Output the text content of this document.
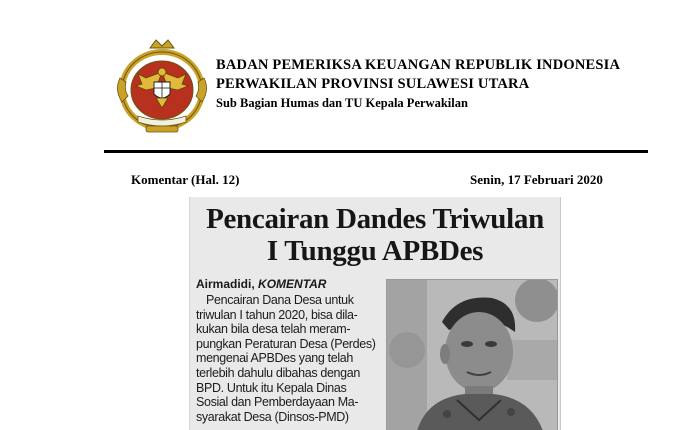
BADAN PEMERIKSA KEUANGAN REPUBLIK INDONESIA
PERWAKILAN PROVINSI SULAWESI UTARA
Sub Bagian Humas dan TU Kepala Perwakilan
Komentar (Hal. 12)	Senin, 17 Februari 2020
Pencairan Dandes Triwulan
I Tunggu APBDes
Airmadidi, KOMENTAR
Pencairan Dana Desa untuk
triwulan I tahun 2020, bisa dila-
kukan bila desa telah meram-
pungkan Peraturan Desa (Perdes)
mengenai APBDes yang telah
terlebih dahulu dibahas dengan
BPD. Untuk itu Kepala Dinas
Sosial dan Pemberdayaan Ma-
syarakat Desa (Dinsos-PMD)
